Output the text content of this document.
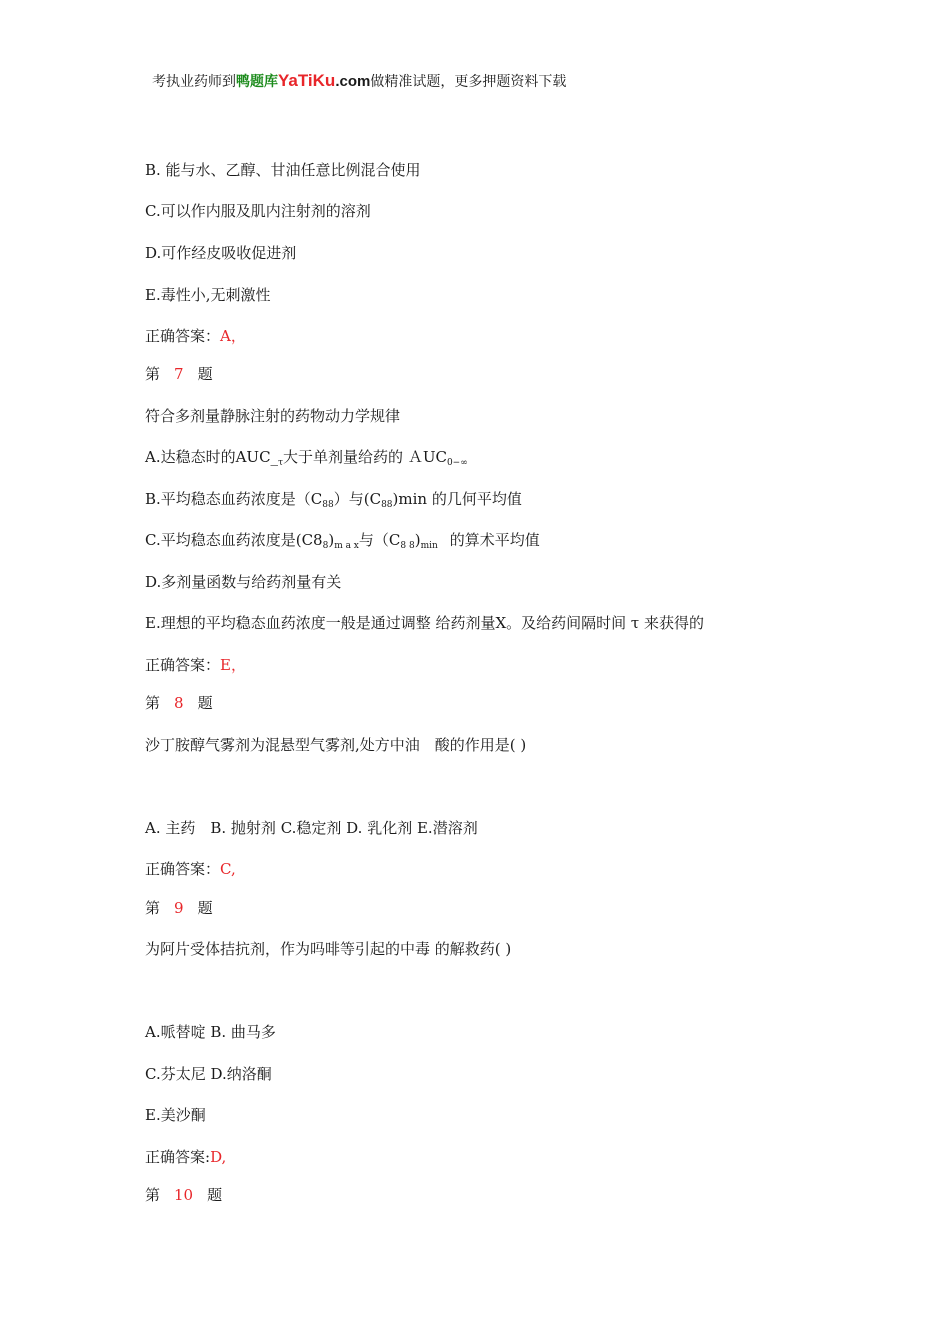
考执业药师到鸭题库YaTiKu.com做精准试题，更多押题资料下载
B. 能与水、乙醇、甘油任意比例混合使用
C.可以作内服及肌内注射剂的溶剂
D.可作经皮吸收促进剂
E.毒性小,无刺激性
正确答案：A，
第 7 题
符合多剂量静脉注射的药物动力学规律
A.达稳态时的$AUC\__\tau$大于单剂量给药的 ＡUC$_{0-\infty}$
B.平均稳态血药浓度是$(C_{88})$与$(C_{88})\min$ 的几何平均值
C.平均稳态血药浓度是$(C8_8)_{m a x}$与$(C_{8 8})_{min}$ 的算术平均值
D.多剂量函数与给药剂量有关
E.理想的平均稳态血药浓度一般是通过调整 给药剂量X。及给药间隔时间 τ 来获得的
正确答案：E，
第 8 题
沙丁胺醇气雾剂为混悬型气雾剂,处方中油　酸的作用是( )
A. 主药　B. 抛射剂 C.稳定剂 D. 乳化剂 E.潜溶剂
正确答案：C,
第 9 题
为阿片受体拮抗剂，作为吗啡等引起的中毒 的解救药( )
A.哌替啶 B. 曲马多
C.芬太尼 D.纳洛酮
E.美沙酮
正确答案:D,
第 10 题
